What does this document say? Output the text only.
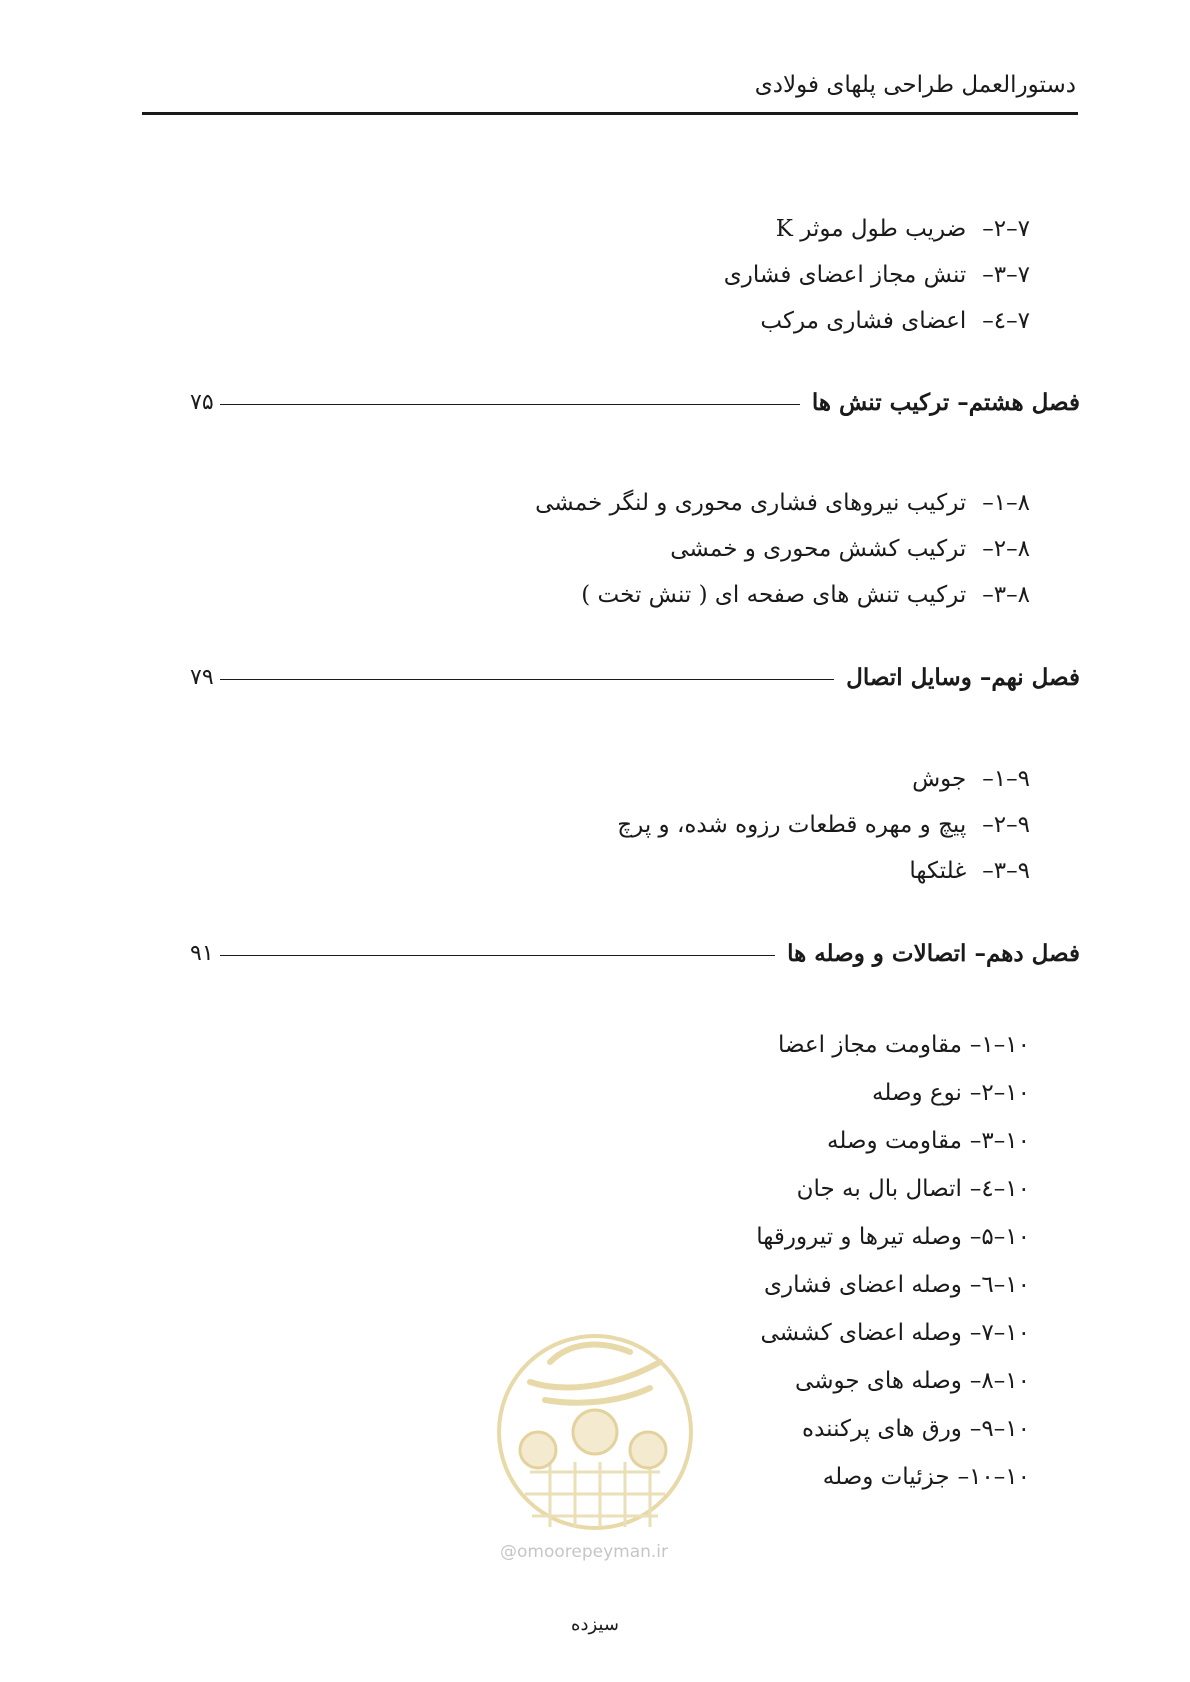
دستورالعمل طراحی پلهای فولادی
۷–۲–ضریب طول موثر K
۷–۳–تنش مجاز اعضای فشاری
۷–٤–اعضای فشاری مرکب
فصل هشتم– ترکیب تنش ها
۷۵
۸–۱–ترکیب نیروهای فشاری محوری و لنگر خمشی
۸–۲–ترکیب کشش محوری و خمشی
۸–۳–ترکیب تنش های صفحه ای ( تنش تخت )
فصل نهم– وسایل اتصال
۷۹
۹–۱–جوش
۹–۲–پیچ و مهره قطعات رزوه شده، و پرچ
۹–۳–غلتکها
فصل دهم– اتصالات و وصله ها
۹۱
۱۰–۱–مقاومت مجاز اعضا
۱۰–۲–نوع وصله
۱۰–۳–مقاومت وصله
۱۰–٤–اتصال بال به جان
۱۰–۵–وصله تیرها و تیرورقها
۱۰–٦–وصله اعضای فشاری
۱۰–۷–وصله اعضای کششی
۱۰–۸–وصله های جوشی
۱۰–۹–ورق های پرکننده
۱۰–۱۰–جزئیات وصله
@omoorepeyman.ir
سیزده
